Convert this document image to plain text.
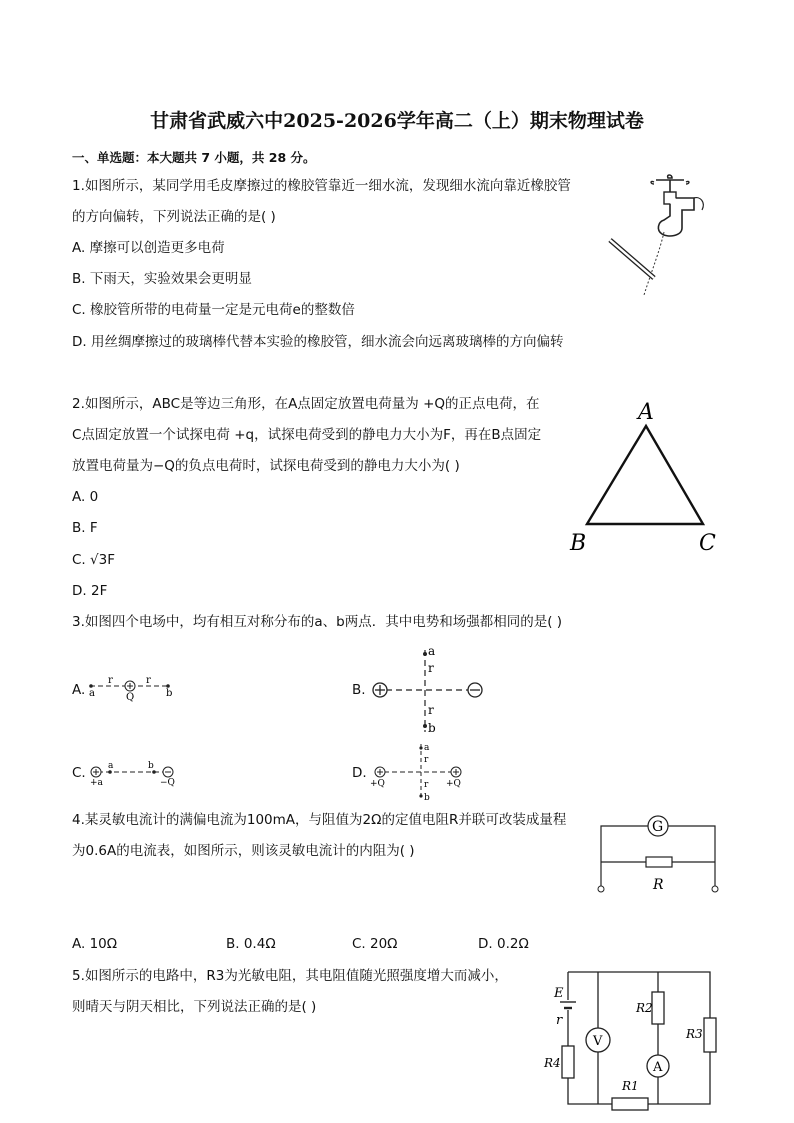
甘肃省武威六中2025-2026学年高二（上）期末物理试卷
一、单选题：本大题共 7 小题，共 28 分。
1.如图所示，某同学用毛皮摩擦过的橡胶管靠近一细水流，发现细水流向靠近橡胶管
的方向偏转，下列说法正确的是( )
A. 摩擦可以创造更多电荷
B. 下雨天，实验效果会更明显
C. 橡胶管所带的电荷量一定是元电荷e的整数倍
D. 用丝绸摩擦过的玻璃棒代替本实验的橡胶管，细水流会向远离玻璃棒的方向偏转
2.如图所示，ABC是等边三角形，在A点固定放置电荷量为 +Q的正点电荷，在
C点固定放置一个试探电荷 +q，试探电荷受到的静电力大小为F，再在B点固定
放置电荷量为−Q的负点电荷时，试探电荷受到的静电力大小为( )
A. 0
B. F
C. √3F
D. 2F
A
B	C
3.如图四个电场中，均有相互对称分布的a、b两点．其中电势和场强都相同的是( )
A.	B.
C.	D.
a
r	r
Q	b
a
r
r
b
a	b
+a	−Q
a
r
r
b
+Q	+Q
4.某灵敏电流计的满偏电流为100mA，与阻值为2Ω的定值电阻R并联可改装成量程
为0.6A的电流表，如图所示，则该灵敏电流计的内阻为( )
A. 10Ω	B. 0.4Ω	C. 20Ω	D. 0.2Ω
G
R
5.如图所示的电路中，R3为光敏电阻，其电阻值随光照强度增大而减小，
则晴天与阴天相比，下列说法正确的是( )
E
r
R4
V
R2
A
R3
R1
